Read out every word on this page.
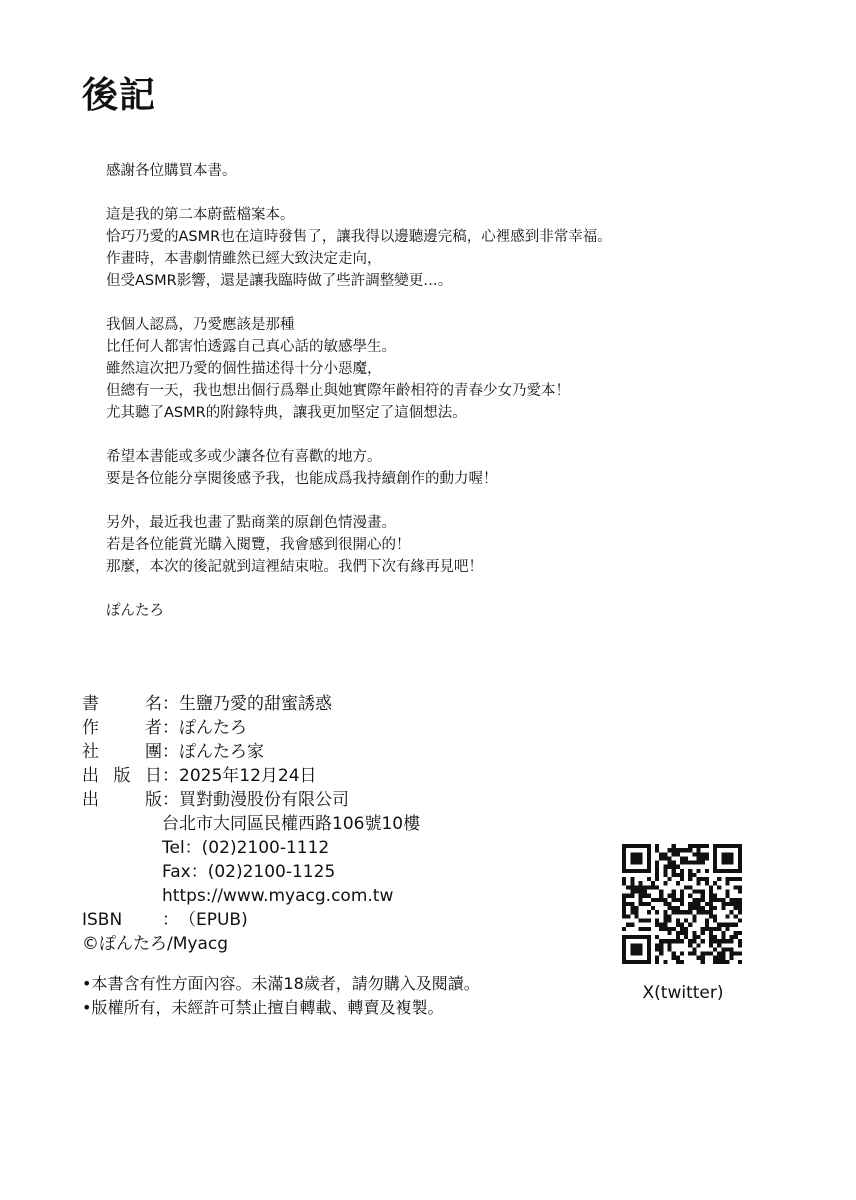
後記
感謝各位購買本書。
這是我的第二本蔚藍檔案本。
恰巧乃愛的ASMR也在這時發售了，讓我得以邊聽邊完稿，心裡感到非常幸福。
作畫時，本書劇情雖然已經大致決定走向，
但受ASMR影響，還是讓我臨時做了些許調整變更…。
我個人認爲，乃愛應該是那種
比任何人都害怕透露自己真心話的敏感學生。
雖然這次把乃愛的個性描述得十分小惡魔，
但總有一天，我也想出個行爲舉止與她實際年齡相符的青春少女乃愛本！
尤其聽了ASMR的附錄特典，讓我更加堅定了這個想法。
希望本書能或多或少讓各位有喜歡的地方。
要是各位能分享閱後感予我，也能成爲我持續創作的動力喔！
另外，最近我也畫了點商業的原創色情漫畫。
若是各位能賞光購入閱覽，我會感到很開心的！
那麼，本次的後記就到這裡結束啦。我們下次有緣再見吧！
ぽんたろ
書　名 ： 生鹽乃愛的甜蜜誘惑
作　者 ： ぽんたろ
社　團 ： ぽんたろ家
出版日 ： 2025年12月24日
出　版 ： 買對動漫股份有限公司
台北市大同區民權西路106號10樓
Tel：(02)2100-1112
Fax：(02)2100-1125
https://www.myacg.com.tw
ISBN	： （EPUB)
©ぽんたろ/Myacg
•本書含有性方面內容。未滿18歲者，請勿購入及閱讀。
•版權所有，未經許可禁止擅自轉載、轉賣及複製。
X(twitter)
